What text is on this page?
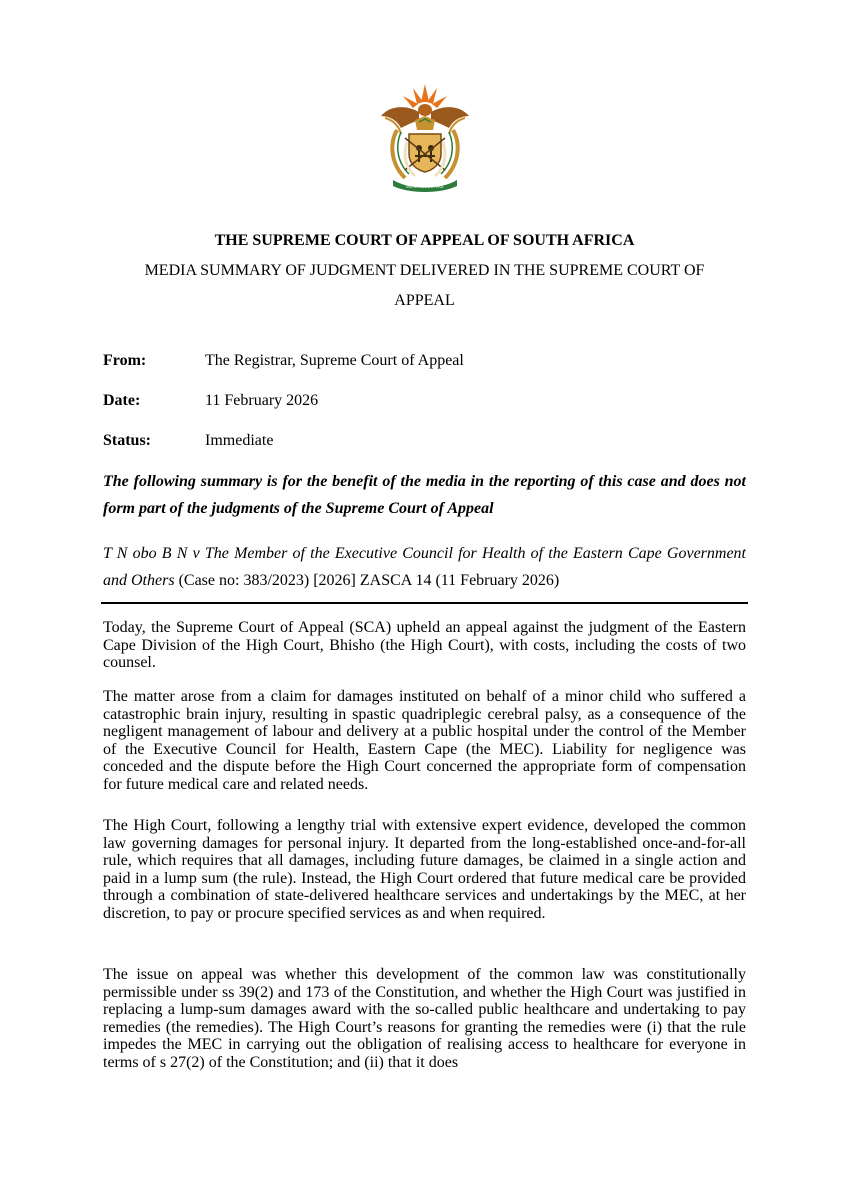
!KE E: /XARRA //KE

THE SUPREME COURT OF APPEAL OF SOUTH AFRICA

MEDIA SUMMARY OF JUDGMENT DELIVERED IN THE SUPREME COURT OF

APPEAL

From:	The Registrar, Supreme Court of Appeal
Date:	11 February 2026
Status:	Immediate

The following summary is for the benefit of the media in the reporting of this case and does not form part of the judgments of the Supreme Court of Appeal

T N obo B N v The Member of the Executive Council for Health of the Eastern Cape Government and Others (Case no: 383/2023) [2026] ZASCA 14 (11 February 2026)

Today, the Supreme Court of Appeal (SCA) upheld an appeal against the judgment of the Eastern Cape Division of the High Court, Bhisho (the High Court), with costs, including the costs of two counsel.

The matter arose from a claim for damages instituted on behalf of a minor child who suffered a catastrophic brain injury, resulting in spastic quadriplegic cerebral palsy, as a consequence of the negligent management of labour and delivery at a public hospital under the control of the Member of the Executive Council for Health, Eastern Cape (the MEC). Liability for negligence was conceded and the dispute before the High Court concerned the appropriate form of compensation for future medical care and related needs.

The High Court, following a lengthy trial with extensive expert evidence, developed the common law governing damages for personal injury. It departed from the long-established once-and-for-all rule, which requires that all damages, including future damages, be claimed in a single action and paid in a lump sum (the rule). Instead, the High Court ordered that future medical care be provided through a combination of state-delivered healthcare services and undertakings by the MEC, at her discretion, to pay or procure specified services as and when required.

The issue on appeal was whether this development of the common law was constitutionally permissible under ss 39(2) and 173 of the Constitution, and whether the High Court was justified in replacing a lump-sum damages award with the so-called public healthcare and undertaking to pay remedies (the remedies). The High Court’s reasons for granting the remedies were (i) that the rule impedes the MEC in carrying out the obligation of realising access to healthcare for everyone in terms of s 27(2) of the Constitution; and (ii) that it does
